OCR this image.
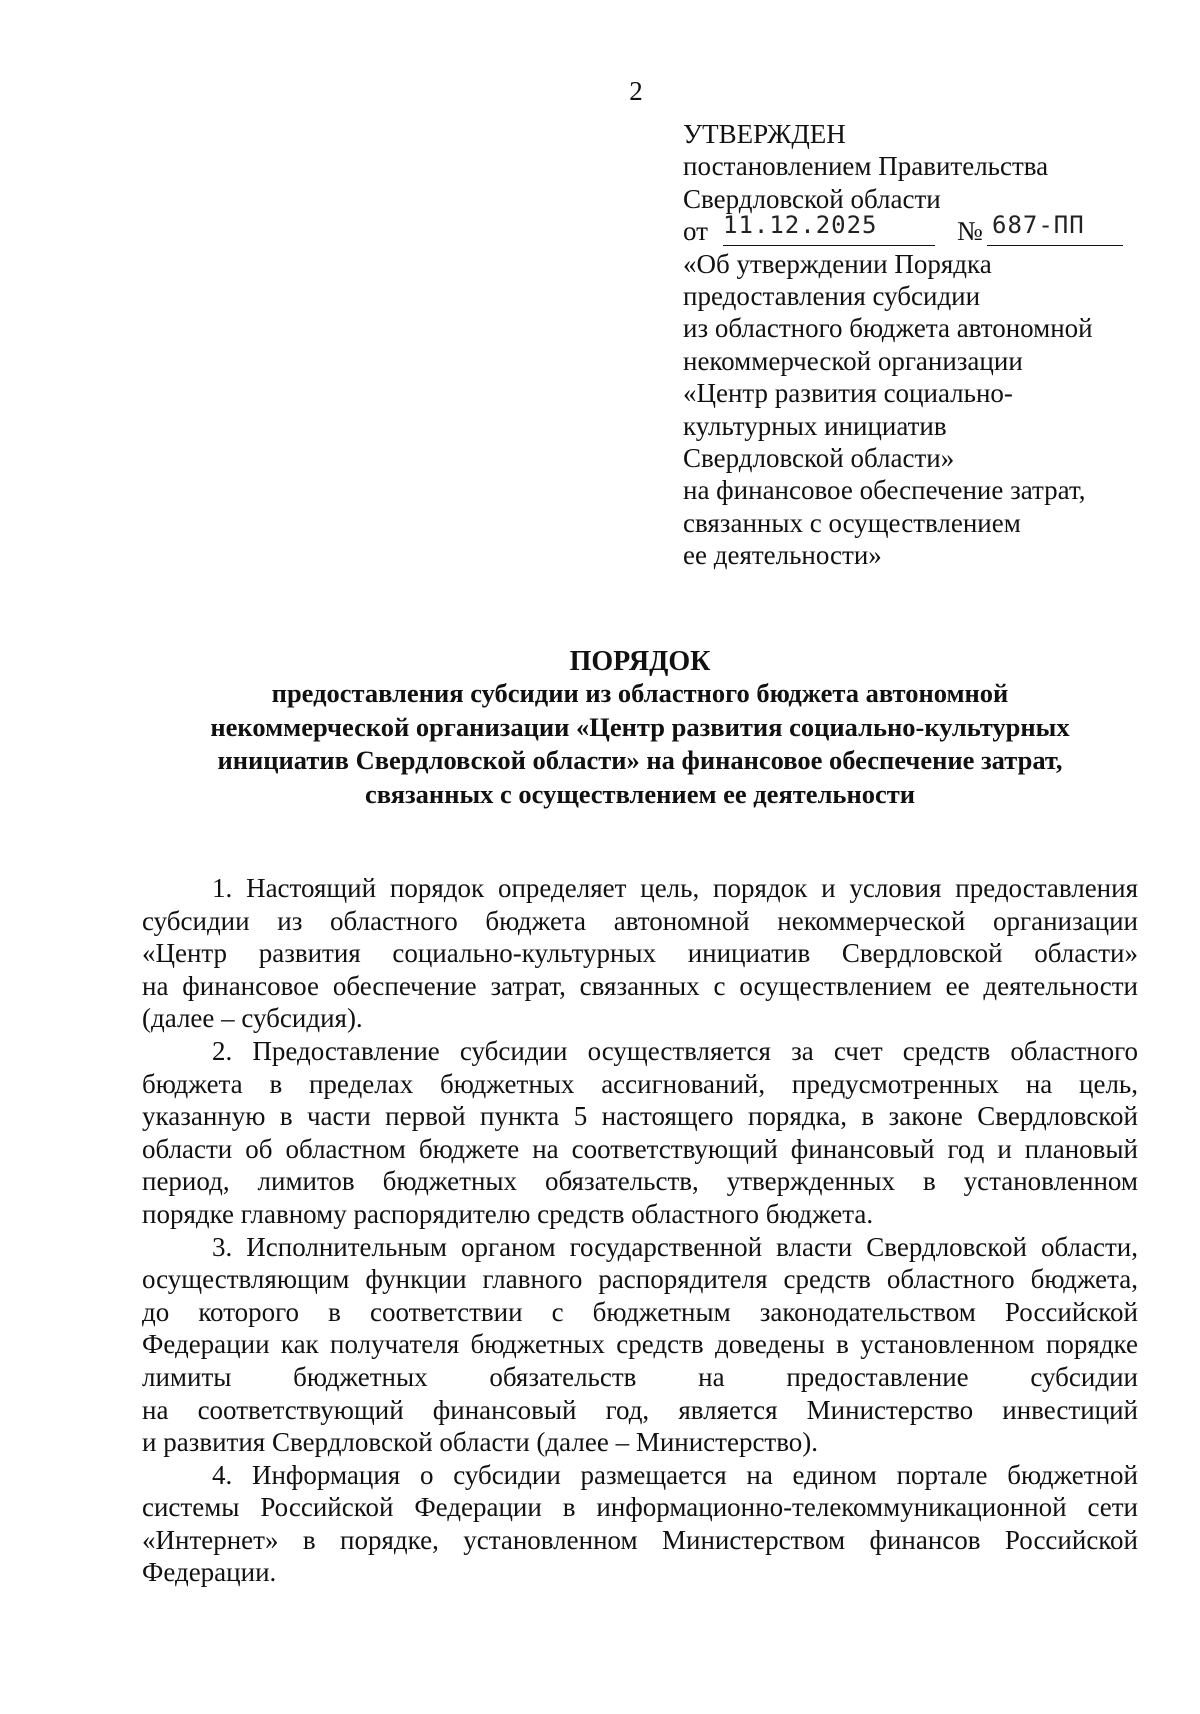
2
УТВЕРЖДЕН
постановлением Правительства
Свердловской области
от 11.12.2025	№ 687-ПП
«Об утверждении Порядка
предоставления субсидии
из областного бюджета автономной
некоммерческой организации
«Центр развития социально-
культурных инициатив
Свердловской области»
на финансовое обеспечение затрат,
связанных с осуществлением
ее деятельности»
ПОРЯДОК
предоставления субсидии из областного бюджета автономной
некоммерческой организации «Центр развития социально-культурных
инициатив Свердловской области» на финансовое обеспечение затрат,
связанных с осуществлением ее деятельности
1. Настоящий порядок определяет цель, порядок и условия предоставления
субсидии из областного бюджета автономной некоммерческой организации
«Центр развития социально-культурных инициатив Свердловской области»
на финансовое обеспечение затрат, связанных с осуществлением ее деятельности
(далее – субсидия).
2. Предоставление субсидии осуществляется за счет средств областного
бюджета в пределах бюджетных ассигнований, предусмотренных на цель,
указанную в части первой пункта 5 настоящего порядка, в законе Свердловской
области об областном бюджете на соответствующий финансовый год и плановый
период, лимитов бюджетных обязательств, утвержденных в установленном
порядке главному распорядителю средств областного бюджета.
3. Исполнительным органом государственной власти Свердловской области,
осуществляющим функции главного распорядителя средств областного бюджета,
до которого в соответствии с бюджетным законодательством Российской
Федерации как получателя бюджетных средств доведены в установленном порядке
лимиты бюджетных обязательств на предоставление субсидии
на соответствующий финансовый год, является Министерство инвестиций
и развития Свердловской области (далее – Министерство).
4. Информация о субсидии размещается на едином портале бюджетной
системы Российской Федерации в информационно-телекоммуникационной сети
«Интернет» в порядке, установленном Министерством финансов Российской
Федерации.
